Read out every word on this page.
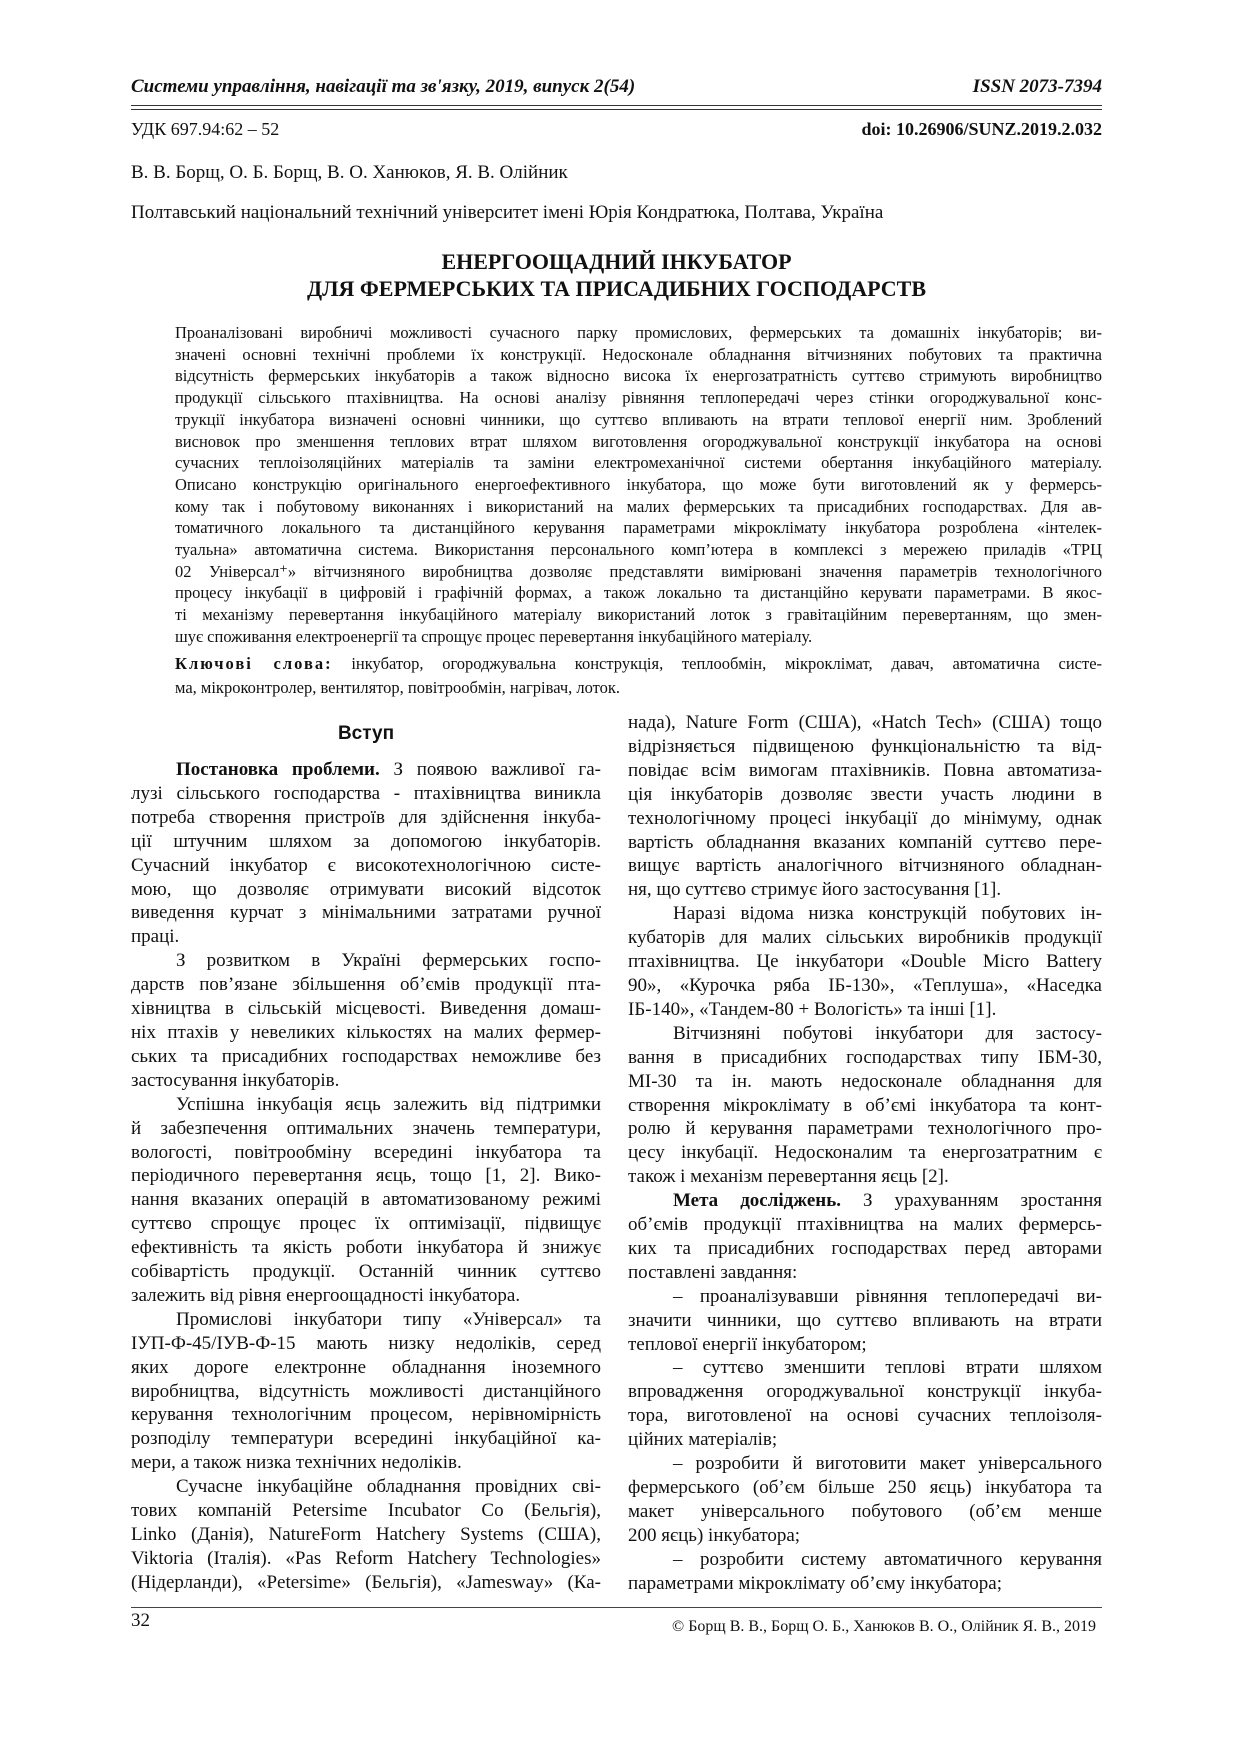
Системи управління, навігації та зв'язку, 2019, випуск 2(54)	ISSN 2073-7394
УДК 697.94:62 – 52	doi: 10.26906/SUNZ.2019.2.032
В. В. Борщ, О. Б. Борщ, В. О. Ханюков, Я. В. Олійник
Полтавський національний технічний університет імені Юрія Кондратюка, Полтава, Україна
ЕНЕРГООЩАДНИЙ ІНКУБАТОР
ДЛЯ ФЕРМЕРСЬКИХ ТА ПРИСАДИБНИХ ГОСПОДАРСТВ
Проаналізовані виробничі можливості сучасного парку промислових, фермерських та домашніх інкубаторів; ви-
значені основні технічні проблеми їх конструкції. Недосконале обладнання вітчизняних побутових та практична
відсутність фермерських інкубаторів а також відносно висока їх енергозатратність суттєво стримують виробництво
продукції сільського птахівництва. На основі аналізу рівняння теплопередачі через стінки огороджувальної конс-
трукції інкубатора визначені основні чинники, що суттєво впливають на втрати теплової енергії ним. Зроблений
висновок про зменшення теплових втрат шляхом виготовлення огороджувальної конструкції інкубатора на основі
сучасних теплоізоляційних матеріалів та заміни електромеханічної системи обертання інкубаційного матеріалу.
Описано конструкцію оригінального енергоефективного інкубатора, що може бути виготовлений як у фермерсь-
кому так і побутовому виконаннях і використаний на малих фермерських та присадибних господарствах. Для ав-
томатичного локального та дистанційного керування параметрами мікроклімату інкубатора розроблена «інтелек-
туальна» автоматична система. Використання персонального комп’ютера в комплексі з мережею приладів «ТРЦ
02 Універсал⁺» вітчизняного виробництва дозволяє представляти вимірювані значення параметрів технологічного
процесу інкубації в цифровій і графічній формах, а також локально та дистанційно керувати параметрами. В якос-
ті механізму перевертання інкубаційного матеріалу використаний лоток з гравітаційним перевертанням, що змен-
шує споживання електроенергії та спрощує процес перевертання інкубаційного матеріалу.
Ключові слова: інкубатор, огороджувальна конструкція, теплообмін, мікроклімат, давач, автоматична систе-
ма, мікроконтролер, вентилятор, повітрообмін, нагрівач, лоток.
Вступ
Постановка проблеми. З появою важливої га-
лузі сільського господарства - птахівництва виникла
потреба створення пристроїв для здійснення інкуба-
ції штучним шляхом за допомогою інкубаторів.
Сучасний інкубатор є високотехнологічною систе-
мою, що дозволяє отримувати високий відсоток
виведення курчат з мінімальними затратами ручної
праці.
З розвитком в Україні фермерських госпо-
дарств пов’язане збільшення об’ємів продукції пта-
хівництва в сільській місцевості. Виведення домаш-
ніх птахів у невеликих кількостях на малих фермер-
ських та присадибних господарствах неможливе без
застосування інкубаторів.
Успішна інкубація яєць залежить від підтримки
й забезпечення оптимальних значень температури,
вологості, повітрообміну всередині інкубатора та
періодичного перевертання яєць, тощо [1, 2]. Вико-
нання вказаних операцій в автоматизованому режимі
суттєво спрощує процес їх оптимізації, підвищує
ефективність та якість роботи інкубатора й знижує
собівартість продукції. Останній чинник суттєво
залежить від рівня енергоощадності інкубатора.
Промислові інкубатори типу «Універсал» та
ІУП-Ф-45/ІУВ-Ф-15 мають низку недоліків, серед
яких дороге електронне обладнання іноземного
виробництва, відсутність можливості дистанційного
керування технологічним процесом, нерівномірність
розподілу температури всередині інкубаційної ка-
мери, а також низка технічних недоліків.
Сучасне інкубаційне обладнання провідних сві-
тових компаній Petersime Incubator Co (Бельгія),
Linko (Данія), NatureForm Hatchery Systems (США),
Viktoria (Італія). «Pas Reform Hatchery Technologies»
(Нідерланди), «Petersime» (Бельгія), «Jamesway» (Ка-
нада), Nature Form (США), «Hatch Tech» (США) тощо
відрізняється підвищеною функціональністю та від-
повідає всім вимогам птахівників. Повна автоматиза-
ція інкубаторів дозволяє звести участь людини в
технологічному процесі інкубації до мінімуму, однак
вартість обладнання вказаних компаній суттєво пере-
вищує вартість аналогічного вітчизняного обладнан-
ня, що суттєво стримує його застосування [1].
Наразі відома низка конструкцій побутових ін-
кубаторів для малих сільських виробників продукції
птахівництва. Це інкубатори «Double Micro Battery
90», «Курочка ряба ІБ-130», «Теплуша», «Наседка
ІБ-140», «Тандем-80 + Вологість» та інші [1].
Вітчизняні побутові інкубатори для застосу-
вання в присадибних господарствах типу ІБМ-30,
МІ-30 та ін. мають недосконале обладнання для
створення мікроклімату в об’ємі інкубатора та конт-
ролю й керування параметрами технологічного про-
цесу інкубації. Недосконалим та енергозатратним є
також і механізм перевертання яєць [2].
Мета досліджень. З урахуванням зростання
об’ємів продукції птахівництва на малих фермерсь-
ких та присадибних господарствах перед авторами
поставлені завдання:
– проаналізувавши рівняння теплопередачі ви-
значити чинники, що суттєво впливають на втрати
теплової енергії інкубатором;
– суттєво зменшити теплові втрати шляхом
впровадження огороджувальної конструкції інкуба-
тора, виготовленої на основі сучасних теплоізоля-
ційних матеріалів;
– розробити й виготовити макет універсального
фермерського (об’єм більше 250 яєць) інкубатора та
макет універсального побутового (об’єм менше
200 яєць) інкубатора;
– розробити систему автоматичного керування
параметрами мікроклімату об’єму інкубатора;
32	© Борщ В. В., Борщ О. Б., Ханюков В. О., Олійник Я. В., 2019
